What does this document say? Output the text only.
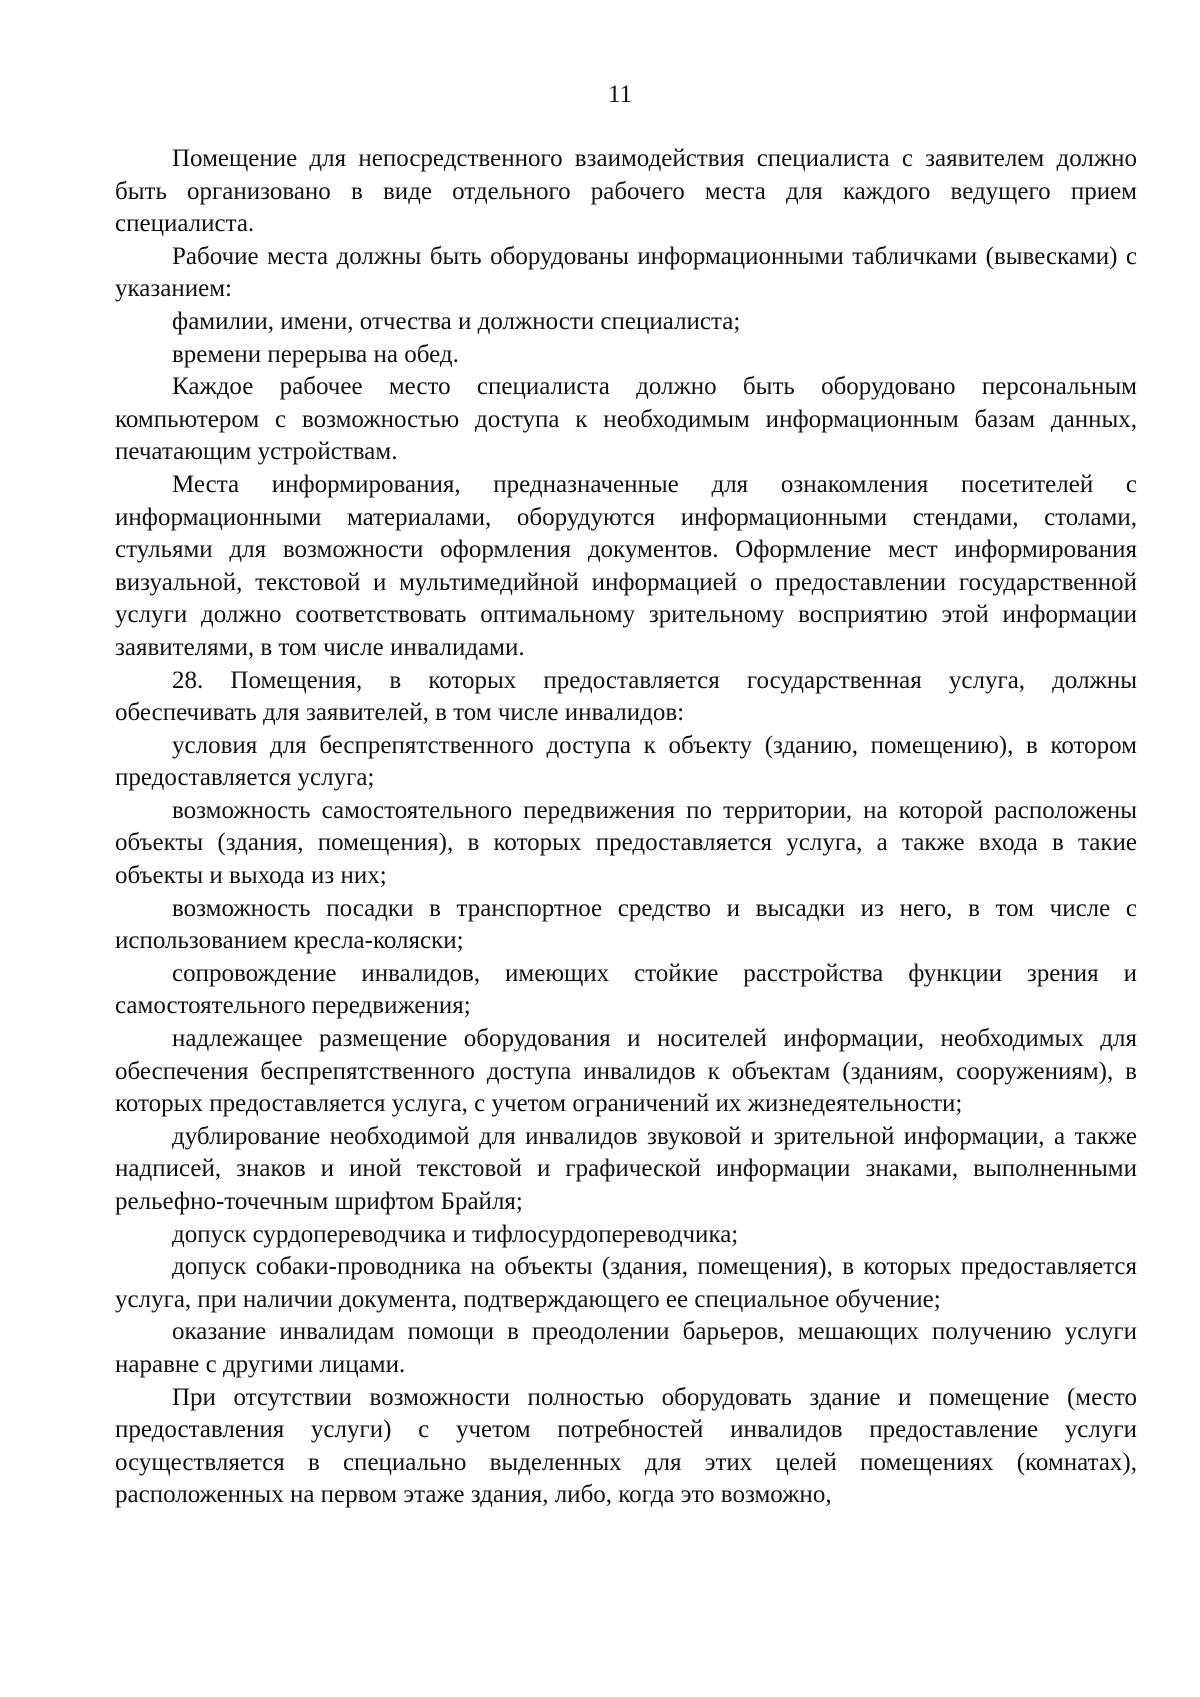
11

Помещение для непосредственного взаимодействия специалиста с заявителем должно быть организовано в виде отдельного рабочего места для каждого ведущего прием специалиста.

Рабочие места должны быть оборудованы информационными табличками (вывесками) с указанием:

фамилии, имени, отчества и должности специалиста;

времени перерыва на обед.

Каждое рабочее место специалиста должно быть оборудовано персональным компьютером с возможностью доступа к необходимым информационным базам данных, печатающим устройствам.

Места информирования, предназначенные для ознакомления посетителей с информационными материалами, оборудуются информационными стендами, столами, стульями для возможности оформления документов. Оформление мест информирования визуальной, текстовой и мультимедийной информацией о предоставлении государственной услуги должно соответствовать оптимальному зрительному восприятию этой информации заявителями, в том числе инвалидами.

28. Помещения, в которых предоставляется государственная услуга, должны обеспечивать для заявителей, в том числе инвалидов:

условия для беспрепятственного доступа к объекту (зданию, помещению), в котором предоставляется услуга;

возможность самостоятельного передвижения по территории, на которой расположены объекты (здания, помещения), в которых предоставляется услуга, а также входа в такие объекты и выхода из них;

возможность посадки в транспортное средство и высадки из него, в том числе с использованием кресла-коляски;

сопровождение инвалидов, имеющих стойкие расстройства функции зрения и самостоятельного передвижения;

надлежащее размещение оборудования и носителей информации, необходимых для обеспечения беспрепятственного доступа инвалидов к объектам (зданиям, сооружениям), в которых предоставляется услуга, с учетом ограничений их жизнедеятельности;

дублирование необходимой для инвалидов звуковой и зрительной информации, а также надписей, знаков и иной текстовой и графической информации знаками, выполненными рельефно-точечным шрифтом Брайля;

допуск сурдопереводчика и тифлосурдопереводчика;

допуск собаки-проводника на объекты (здания, помещения), в которых предоставляется услуга, при наличии документа, подтверждающего ее специальное обучение;

оказание инвалидам помощи в преодолении барьеров, мешающих получению услуги наравне с другими лицами.

При отсутствии возможности полностью оборудовать здание и помещение (место предоставления услуги) с учетом потребностей инвалидов предоставление услуги осуществляется в специально выделенных для этих целей помещениях (комнатах), расположенных на первом этаже здания, либо, когда это возможно,
